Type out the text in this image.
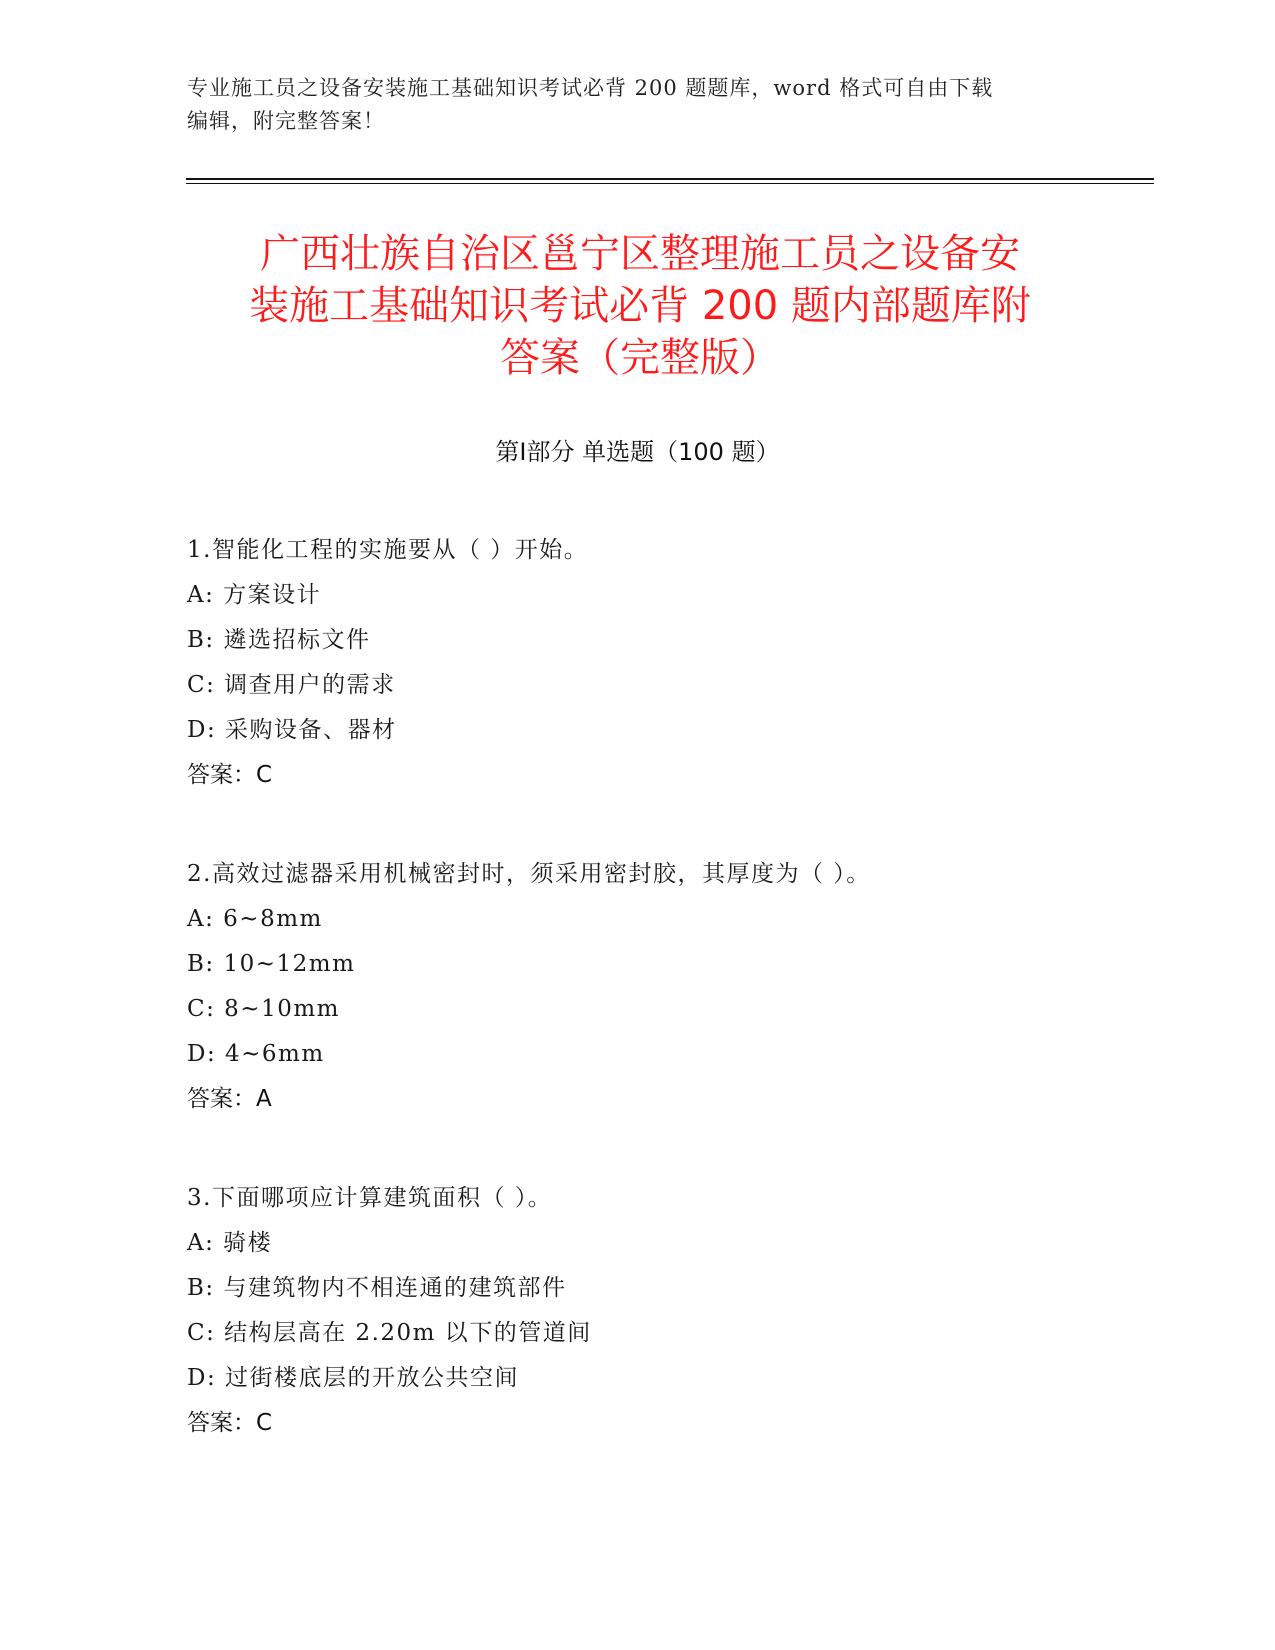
专业施工员之设备安装施工基础知识考试必背 200 题题库，word 格式可自由下载
编辑，附完整答案！
广西壮族自治区邕宁区整理施工员之设备安
装施工基础知识考试必背 200 题内部题库附
答案（完整版）
第Ⅰ部分 单选题（100 题）
1.智能化工程的实施要从（ ）开始。
A: 方案设计
B: 遴选招标文件
C: 调查用户的需求
D: 采购设备、器材
答案：C
2.高效过滤器采用机械密封时，须采用密封胶，其厚度为（ ）。
A: 6~8mm
B: 10~12mm
C: 8~10mm
D: 4~6mm
答案：A
3.下面哪项应计算建筑面积（ ）。
A: 骑楼
B: 与建筑物内不相连通的建筑部件
C: 结构层高在 2.20m 以下的管道间
D: 过街楼底层的开放公共空间
答案：C
